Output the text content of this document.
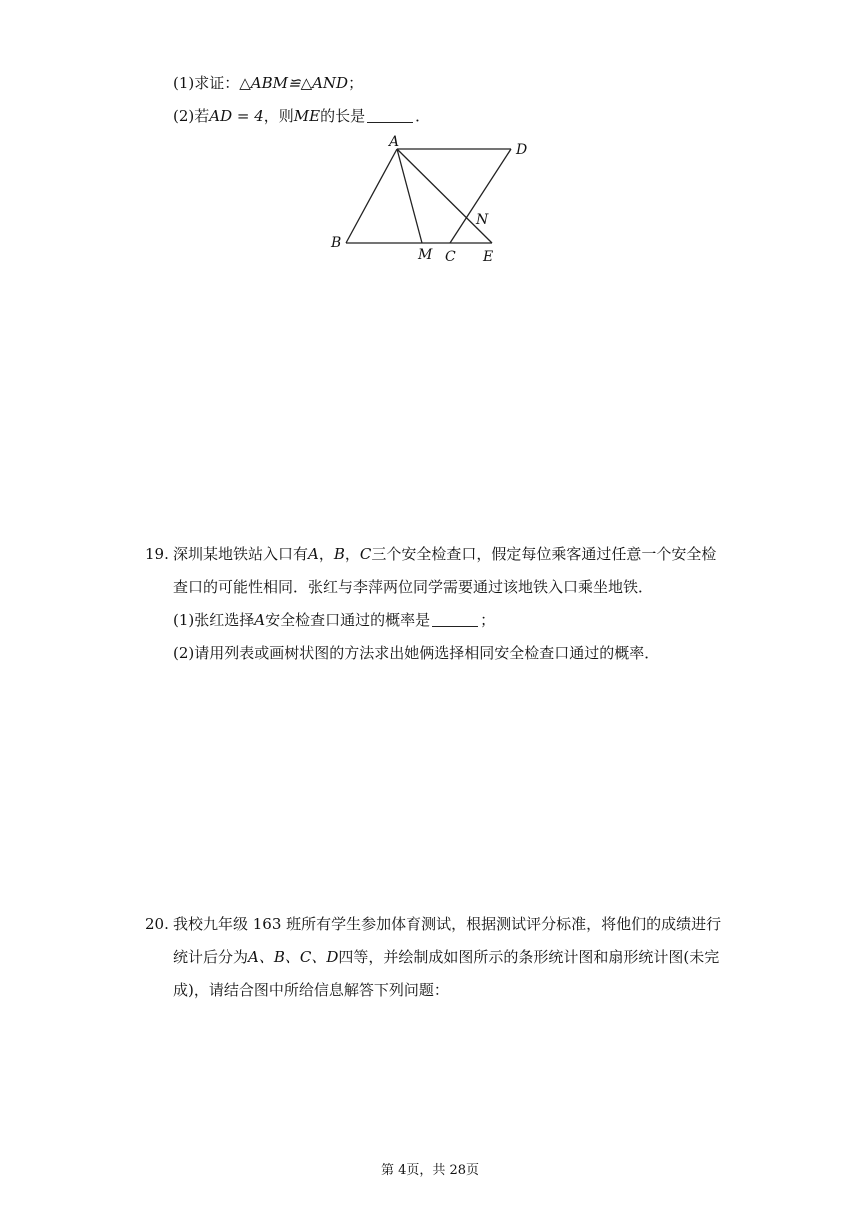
(1)求证：△ABM≌△AND；
(2)若AD = 4，则ME的长是	．
A	D
B
M C E
N
19. 深圳某地铁站入口有A，B，C三个安全检查口，假定每位乘客通过任意一个安全检
查口的可能性相同．张红与李萍两位同学需要通过该地铁入口乘坐地铁．
(1)张红选择A安全检查口通过的概率是	；
(2)请用列表或画树状图的方法求出她俩选择相同安全检查口通过的概率．
20. 我校九年级 163 班所有学生参加体育测试，根据测试评分标准，将他们的成绩进行
统计后分为A、B、C、D四等，并绘制成如图所示的条形统计图和扇形统计图(未完
成)，请结合图中所给信息解答下列问题：
第 4页，共 28页
